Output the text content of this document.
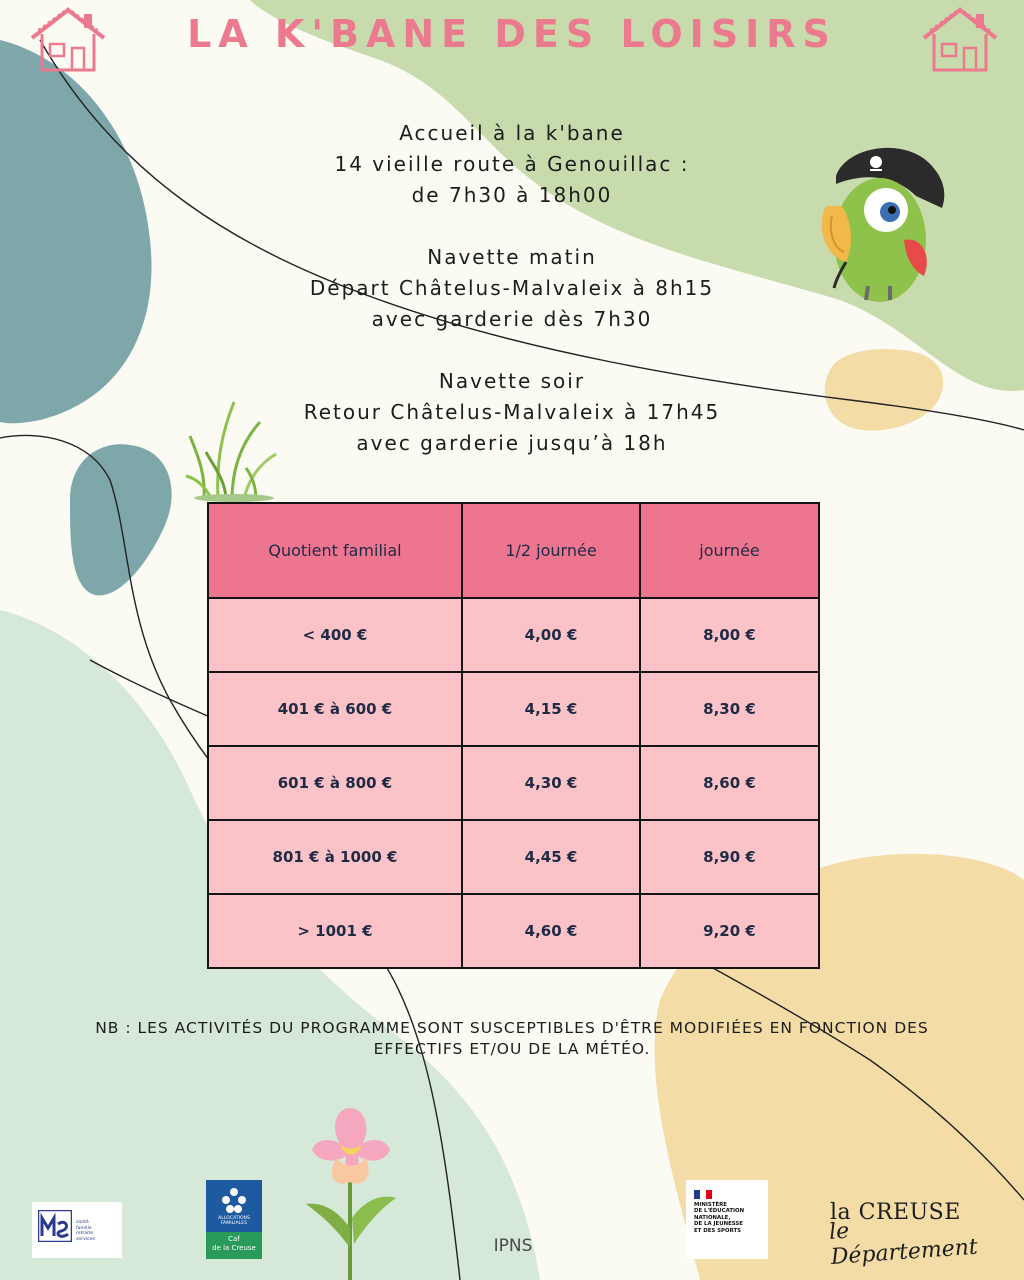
LA K'BANE DES LOISIRS
Accueil à la k'bane
14 vieille route à Genouillac :
de 7h30 à 18h00
Navette matin
Départ Châtelus-Malvaleix à 8h15
avec garderie dès 7h30
Navette soir
Retour Châtelus-Malvaleix à 17h45
avec garderie jusqu’à 18h
Quotient familial	1/2 journée	journée
< 400 €	4,00 €	8,00 €
401 € à 600 €	4,15 €	8,30 €
601 € à 800 €	4,30 €	8,60 €
801 € à 1000 €	4,45 €	8,90 €
> 1001 €	4,60 €	9,20 €
NB : LES ACTIVITÉS DU PROGRAMME SONT SUSCEPTIBLES D'ÊTRE MODIFIÉES EN FONCTION DES
EFFECTIFS ET/OU DE LA MÉTÉO.
santé
famille
retraite
services
ALLOCATIONS FAMILIALES
Caf
de la Creuse	IPNS
MINISTÈRE
DE L'ÉDUCATION
NATIONALE,
DE LA JEUNESSE
ET DES SPORTS
la CREUSE
le Département
